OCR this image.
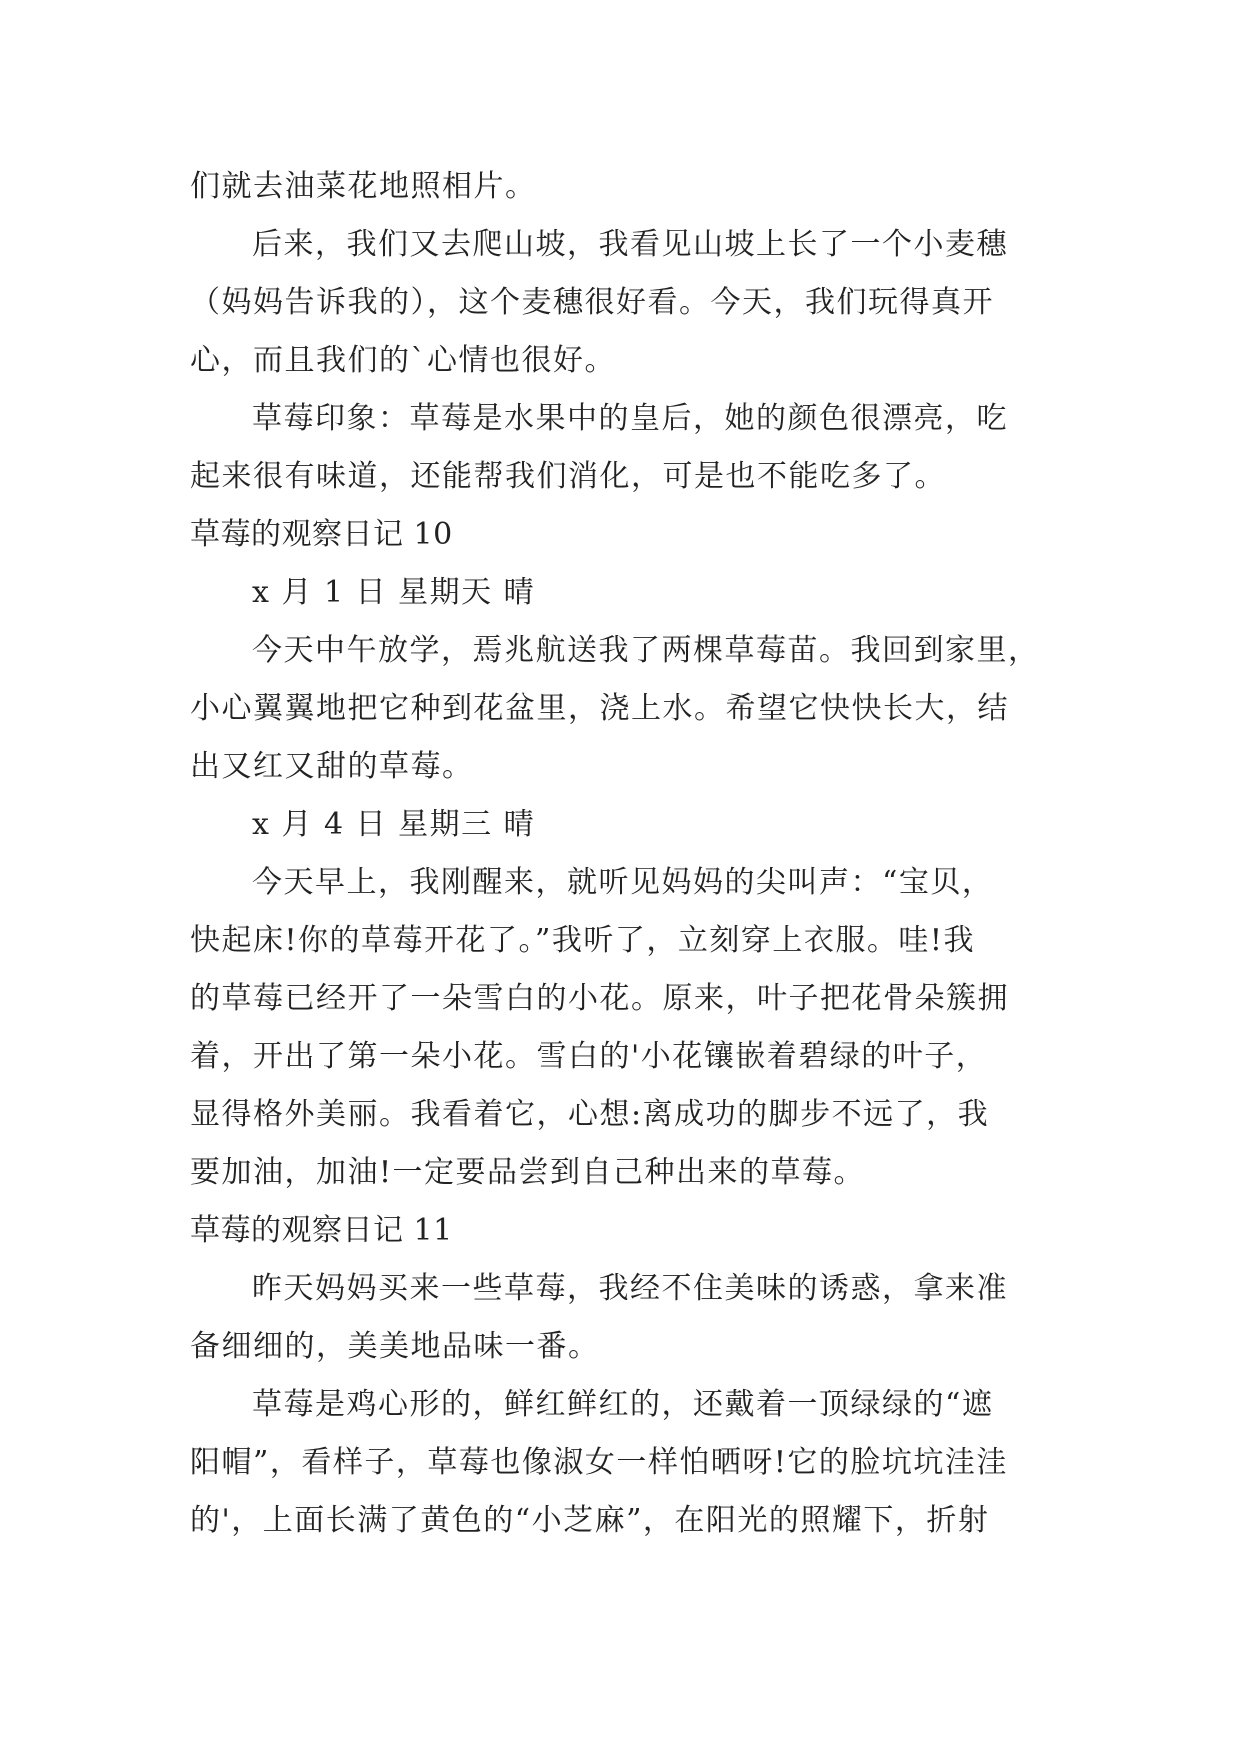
们就去油菜花地照相片。
后来，我们又去爬山坡，我看见山坡上长了一个小麦穗
（妈妈告诉我的），这个麦穗很好看。今天，我们玩得真开
心，而且我们的`心情也很好。
草莓印象：草莓是水果中的皇后，她的颜色很漂亮，吃
起来很有味道，还能帮我们消化，可是也不能吃多了。
草莓的观察日记 10
x 月 1 日 星期天 晴
今天中午放学，焉兆航送我了两棵草莓苗。我回到家里，
小心翼翼地把它种到花盆里，浇上水。希望它快快长大，结
出又红又甜的草莓。
x 月 4 日 星期三 晴
今天早上，我刚醒来，就听见妈妈的尖叫声：“宝贝，
快起床!你的草莓开花了。”我听了，立刻穿上衣服。哇!我
的草莓已经开了一朵雪白的小花。原来，叶子把花骨朵簇拥
着，开出了第一朵小花。雪白的'小花镶嵌着碧绿的叶子，
显得格外美丽。我看着它，心想:离成功的脚步不远了，我
要加油，加油!一定要品尝到自己种出来的草莓。
草莓的观察日记 11
昨天妈妈买来一些草莓，我经不住美味的诱惑，拿来准
备细细的，美美地品味一番。
草莓是鸡心形的，鲜红鲜红的，还戴着一顶绿绿的“遮
阳帽”，看样子，草莓也像淑女一样怕晒呀!它的脸坑坑洼洼
的'，上面长满了黄色的“小芝麻”，在阳光的照耀下，折射
